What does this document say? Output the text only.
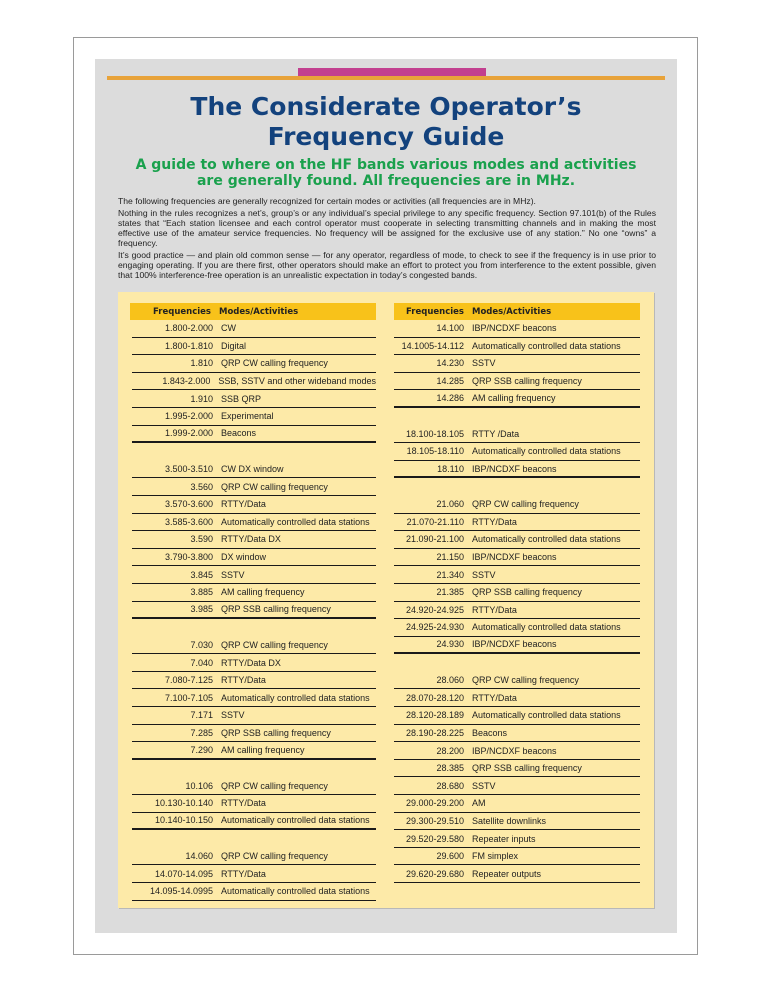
The Considerate Operator’s
Frequency Guide
A guide to where on the HF bands various modes and activities
are generally found. All frequencies are in MHz.

The following frequencies are generally recognized for certain modes or activities (all frequencies are in MHz).

Nothing in the rules recognizes a net’s, group’s or any individual’s special privilege to any specific frequency. Section 97.101(b) of the Rules states that “Each station licensee and each control operator must cooperate in selecting transmitting channels and in making the most effective use of the amateur service frequencies. No frequency will be assigned for the exclusive use of any station.” No one “owns” a frequency.

It’s good practice — and plain old common sense — for any operator, regardless of mode, to check to see if the frequency is in use prior to engaging operating. If you are there first, other operators should make an effort to protect you from interference to the extent possible, given that 100% interference-free operation is an unrealistic expectation in today’s congested bands.

Frequencies Modes/Activities
1.800-2.000 CW
1.800-1.810 Digital
1.810 QRP CW calling frequency
1.843-2.000 SSB, SSTV and other wideband modes
1.910 SSB QRP
1.995-2.000 Experimental
1.999-2.000 Beacons
3.500-3.510 CW DX window
3.560 QRP CW calling frequency
3.570-3.600 RTTY/Data
3.585-3.600 Automatically controlled data stations
3.590 RTTY/Data DX
3.790-3.800 DX window
3.845 SSTV
3.885 AM calling frequency
3.985 QRP SSB calling frequency
7.030 QRP CW calling frequency
7.040 RTTY/Data DX
7.080-7.125 RTTY/Data
7.100-7.105 Automatically controlled data stations
7.171 SSTV
7.285 QRP SSB calling frequency
7.290 AM calling frequency
10.106 QRP CW calling frequency
10.130-10.140 RTTY/Data
10.140-10.150 Automatically controlled data stations
14.060 QRP CW calling frequency
14.070-14.095 RTTY/Data
14.095-14.0995 Automatically controlled data stations
Frequencies Modes/Activities
14.100 IBP/NCDXF beacons
14.1005-14.112 Automatically controlled data stations
14.230 SSTV
14.285 QRP SSB calling frequency
14.286 AM calling frequency
18.100-18.105 RTTY /Data
18.105-18.110 Automatically controlled data stations
18.110 IBP/NCDXF beacons
21.060 QRP CW calling frequency
21.070-21.110 RTTY/Data
21.090-21.100 Automatically controlled data stations
21.150 IBP/NCDXF beacons
21.340 SSTV
21.385 QRP SSB calling frequency
24.920-24.925 RTTY/Data
24.925-24.930 Automatically controlled data stations
24.930 IBP/NCDXF beacons
28.060 QRP CW calling frequency
28.070-28.120 RTTY/Data
28.120-28.189 Automatically controlled data stations
28.190-28.225 Beacons
28.200 IBP/NCDXF beacons
28.385 QRP SSB calling frequency
28.680 SSTV
29.000-29.200 AM
29.300-29.510 Satellite downlinks
29.520-29.580 Repeater inputs
29.600 FM simplex
29.620-29.680 Repeater outputs
